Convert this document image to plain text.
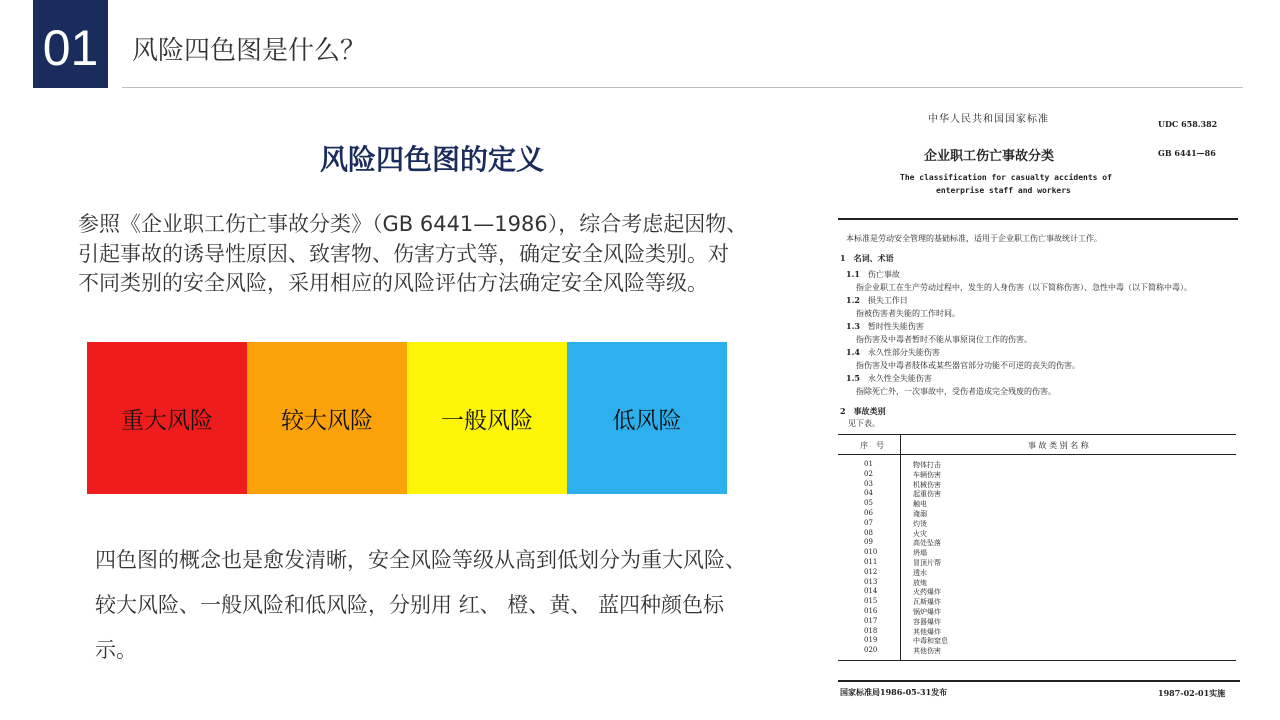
01	风险四色图是什么？
风险四色图的定义
参照《企业职工伤亡事故分类》（GB 6441—1986），综合考虑起因物、引起事故的诱导性原因、致害物、伤害方式等，确定安全风险类别。对不同类别的安全风险，采用相应的风险评估方法确定安全风险等级。
重大风险	较大风险	一般风险	低风险
四色图的概念也是愈发清晰，安全风险等级从高到低划分为重大风险、较大风险、一般风险和低风险，分别用 红、 橙、黄、 蓝四种颜色标示。
中华人民共和国国家标准	UDC 658.382
企业职工伤亡事故分类	GB 6441—86
The classification for casualty accidents of
enterprise staff and workers
本标准是劳动安全管理的基础标准，适用于企业职工伤亡事故统计工作。
1　名词、术语
1.1 伤亡事故
指企业职工在生产劳动过程中，发生的人身伤害（以下简称伤害）、急性中毒（以下简称中毒）。
1.2 损失工作日
指被伤害者失能的工作时间。
1.3 暂时性失能伤害
指伤害及中毒者暂时不能从事原岗位工作的伤害。
1.4 永久性部分失能伤害
指伤害及中毒者肢体或某些器官部分功能不可逆的丧失的伤害。
1.5 永久性全失能伤害
指除死亡外，一次事故中，受伤者造成完全残废的伤害。
2　事故类别
见下表。
序　号	事 故 类 别 名 称
01	物体打击
02	车辆伤害
03	机械伤害
04	起重伤害
05	触电
06	淹溺
07	灼烫
08	火灾
09	高处坠落
010	坍塌
011	冒顶片帮
012	透水
013	放炮
014	火药爆炸
015	瓦斯爆炸
016	锅炉爆炸
017	容器爆炸
018	其他爆炸
019	中毒和窒息
020	其他伤害
国家标准局1986-05-31发布	1987-02-01实施
